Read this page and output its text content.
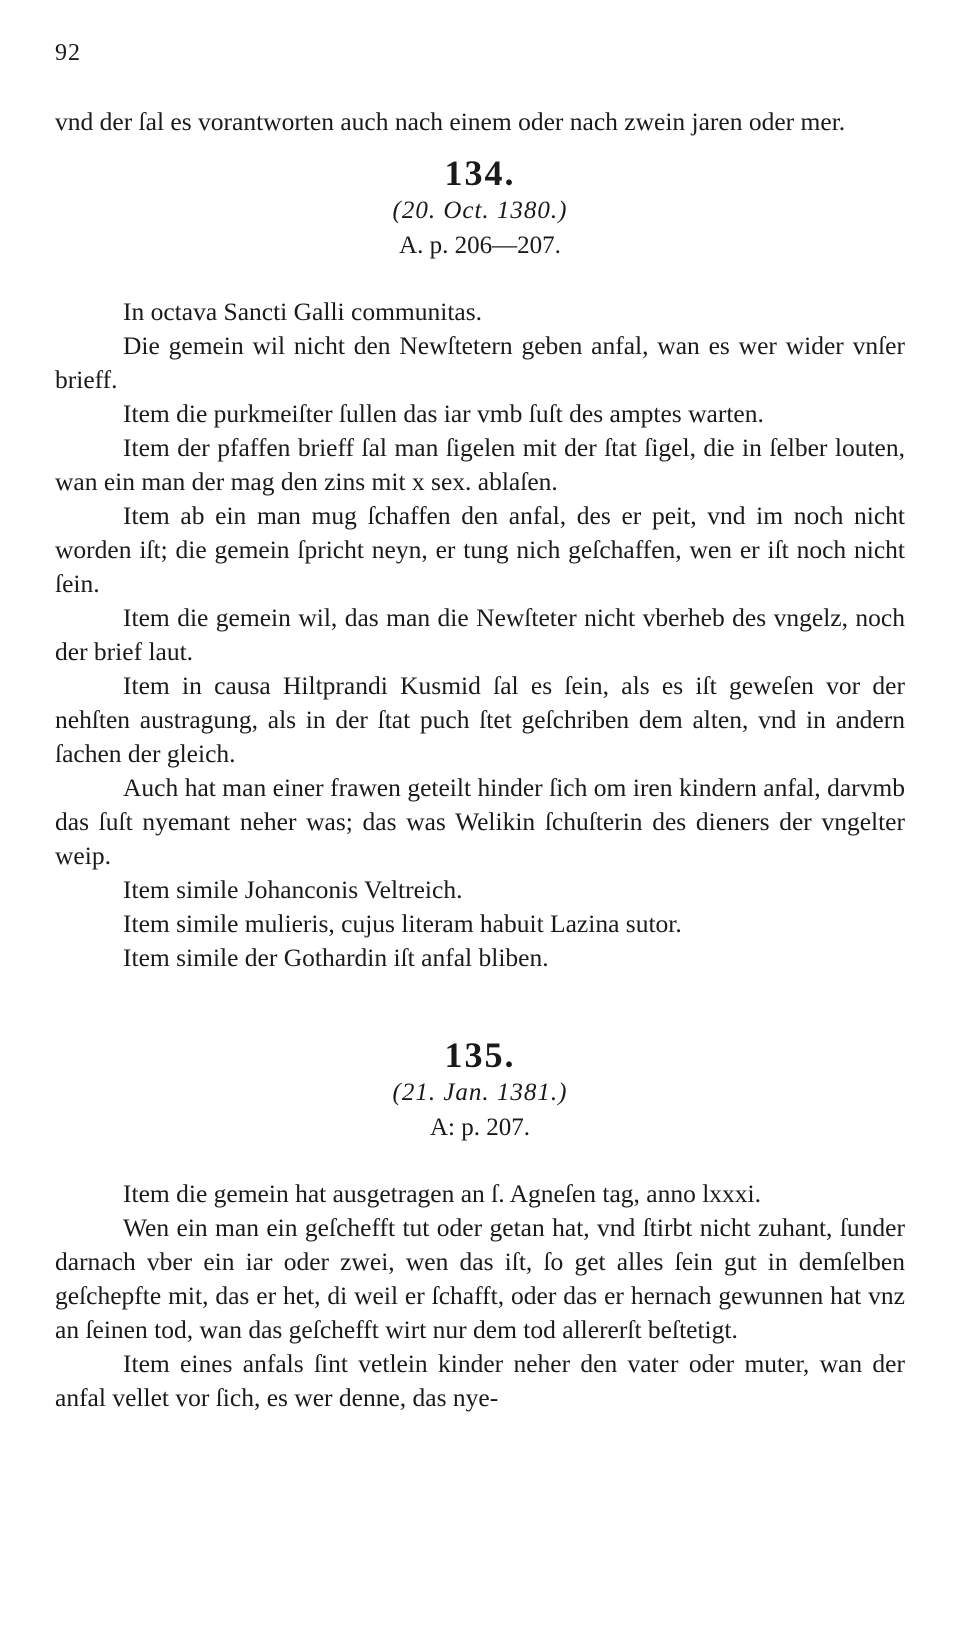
92

vnd der ſal es vorantworten auch nach einem oder nach zwein jaren oder mer.

134.
(20. Oct. 1380.)
A. p. 206—207.

In octava Sancti Galli communitas.

Die gemein wil nicht den Newſtetern geben anfal, wan es wer wider vnſer brieff.

Item die purkmeiſter ſullen das iar vmb ſuſt des amptes warten.

Item der pfaffen brieff ſal man ſigelen mit der ſtat ſigel, die in ſelber louten, wan ein man der mag den zins mit x sex. ablaſen.

Item ab ein man mug ſchaffen den anfal, des er peit, vnd im noch nicht worden iſt; die gemein ſpricht neyn, er tung nich geſchaffen, wen er iſt noch nicht ſein.

Item die gemein wil, das man die Newſteter nicht vberheb des vngelz, noch der brief laut.

Item in causa Hiltprandi Kusmid ſal es ſein, als es iſt geweſen vor der nehſten austragung, als in der ſtat puch ſtet geſchriben dem alten, vnd in andern ſachen der gleich.

Auch hat man einer frawen geteilt hinder ſich om iren kindern anfal, darvmb das ſuſt nyemant neher was; das was Welikin ſchuſterin des dieners der vngelter weip.

Item simile Johanconis Veltreich.

Item simile mulieris, cujus literam habuit Lazina sutor.

Item simile der Gothardin iſt anfal bliben.

135.
(21. Jan. 1381.)
A: p. 207.

Item die gemein hat ausgetragen an ſ. Agneſen tag, anno lxxxi.

Wen ein man ein geſchefft tut oder getan hat, vnd ſtirbt nicht zuhant, ſunder darnach vber ein iar oder zwei, wen das iſt, ſo get alles ſein gut in demſelben geſchepfte mit, das er het, di weil er ſchafft, oder das er hernach gewunnen hat vnz an ſeinen tod, wan das geſchefft wirt nur dem tod allererſt beſtetigt.

Item eines anfals ſint vetlein kinder neher den vater oder muter, wan der anfal vellet vor ſich, es wer denne, das nye-
